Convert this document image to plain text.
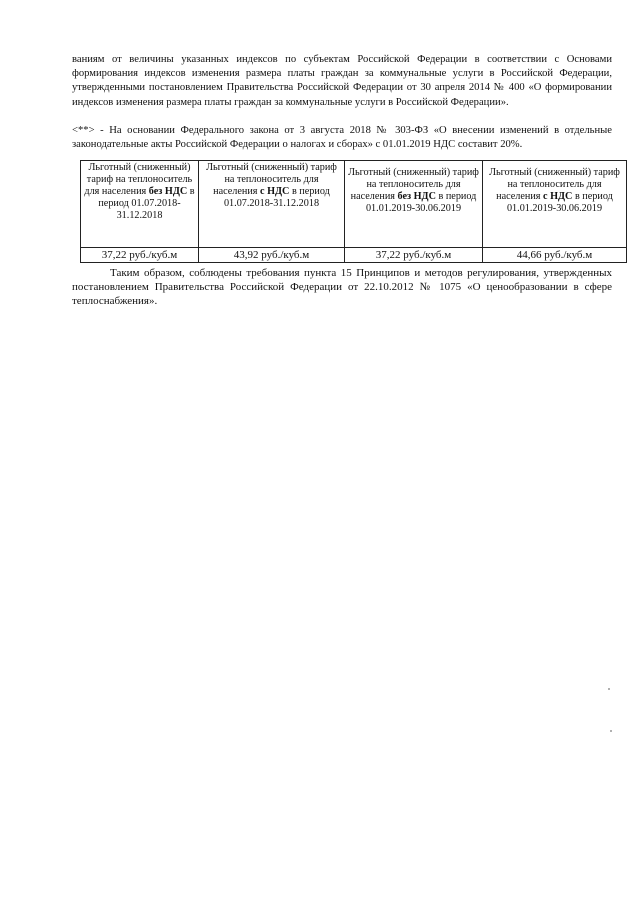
ваниям от величины указанных индексов по субъектам Российской Федерации в соответствии с Основами формирования индексов изменения размера платы граждан за коммунальные услуги в Российской Федерации, утвержденными постановлением Правительства Российской Федерации от 30 апреля 2014 № 400 «О формировании индексов изменения размера платы граждан за коммунальные услуги в Российской Федерации».

<**> - На основании Федерального закона от 3 августа 2018 № 303-ФЗ «О внесении изменений в отдельные законодательные акты Российской Федерации о налогах и сборах» с 01.01.2019 НДС составит 20%.

Льготный (сниженный) тариф на теплоноситель для населения без НДС в период 01.07.2018-31.12.2018	Льготный (сниженный) тариф на теплоноситель для населения с НДС в период 01.07.2018-31.12.2018	Льготный (сниженный) тариф на теплоноситель для населения без НДС в период 01.01.2019-30.06.2019	Льготный (сниженный) тариф на теплоноситель для населения с НДС в период 01.01.2019-30.06.2019
37,22 руб./куб.м	43,92 руб./куб.м	37,22 руб./куб.м	44,66 руб./куб.м

Таким образом, соблюдены требования пункта 15 Принципов и методов регулирования, утвержденных постановлением Правительства Российской Федерации от 22.10.2012 № 1075 «О ценообразовании в сфере теплоснабжения».
